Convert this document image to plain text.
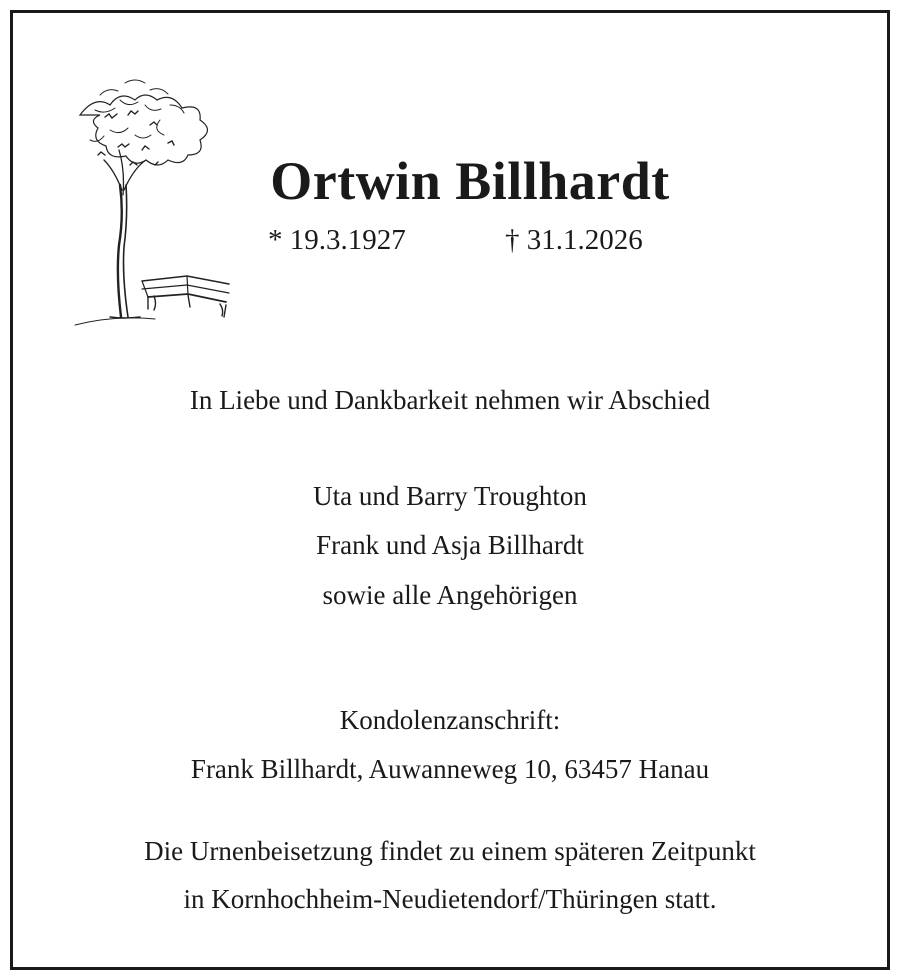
Ortwin Billhardt
* 19.3.1927	† 31.1.2026
In Liebe und Dankbarkeit nehmen wir Abschied
Uta und Barry Troughton
Frank und Asja Billhardt
sowie alle Angehörigen
Kondolenzanschrift:
Frank Billhardt, Auwanneweg 10, 63457 Hanau
Die Urnenbeisetzung findet zu einem späteren Zeitpunkt
in Kornhochheim-Neudietendorf/Thüringen statt.
